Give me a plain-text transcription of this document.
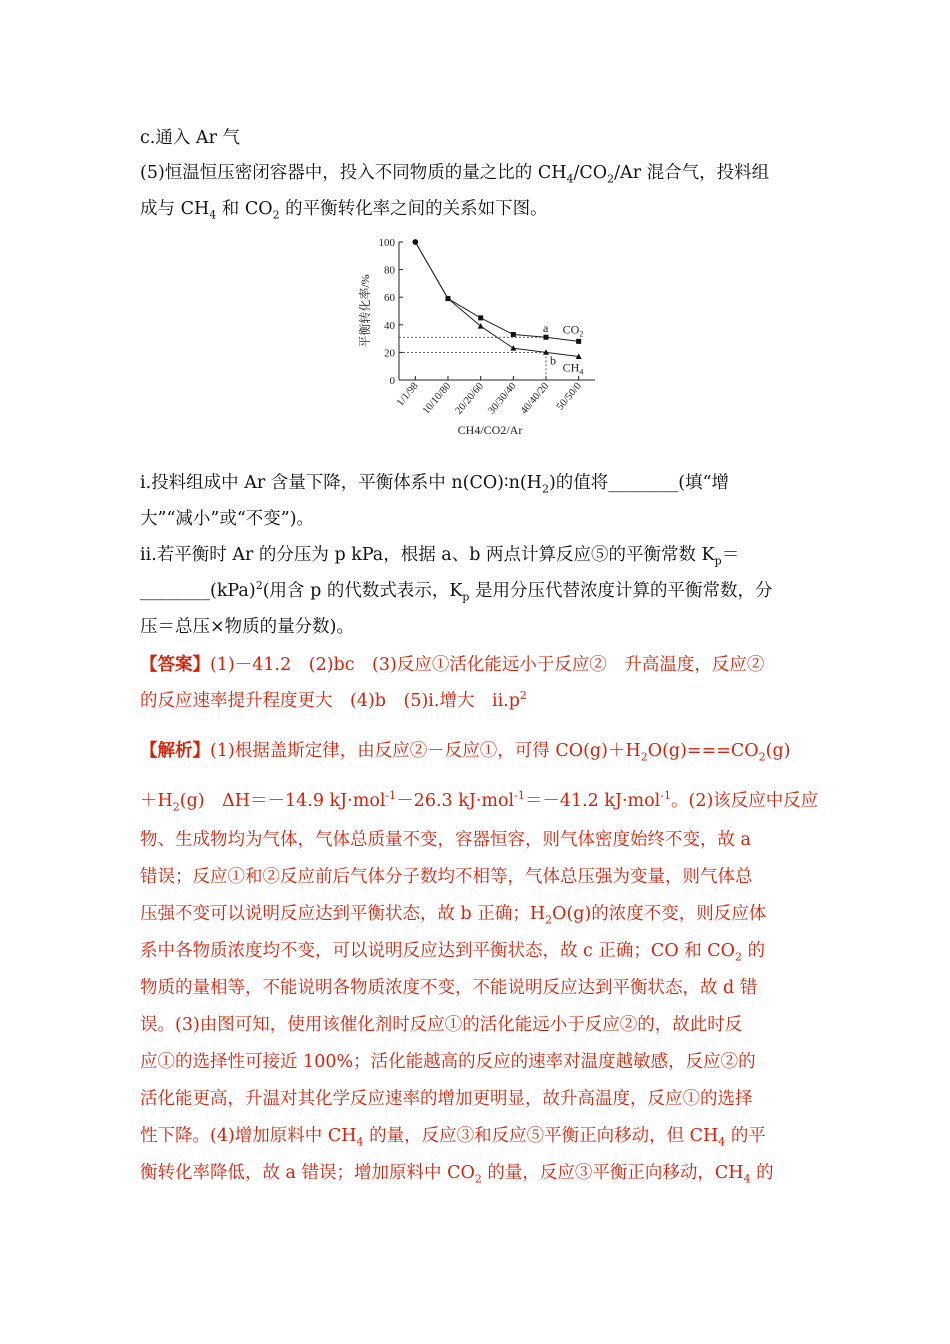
c.通入 Ar 气
(5)恒温恒压密闭容器中，投入不同物质的量之比的 $CH_4/CO_2/Ar$ 混合气，投料组
成与 $CH_4$ 和 $CO_2$ 的平衡转化率之间的关系如下图。
0
20
40
60
80
100
1/1/98 10/10/80 20/20/60 30/30/40 40/40/20 50/50/0
$CO_2$
$CH_4$
a
b
平衡转化率/%
CH4/CO2/Ar
ⅰ.投料组成中 Ar 含量下降，平衡体系中 $n(CO)∶n(H_2)$的值将________(填“增
大”“减小”或“不变”)。
ⅱ.若平衡时 Ar 的分压为 p kPa，根据 a、b 两点计算反应⑤的平衡常数 $K_p=$
________(kPa)$^2$(用含 p 的代数式表示，$K_p$ 是用分压代替浓度计算的平衡常数，分
压＝总压×物质的量分数)。
【答案】(1)－41.2　(2)bc　(3)反应①活化能远小于反应②　升高温度，反应②
的反应速率提升程度更大　(4)b　(5)ⅰ.增大　$ⅱ.p^2$
【解析】(1)根据盖斯定律，由反应②－反应①，可得 $CO(g)+H_2O(g)===CO_2(g)$
$+H_2(g)$　ΔH＝－14.9 kJ·mol$^{-1}$－26.3 kJ·mol$^{-1}$＝－41.2 kJ·mol$^{-1}$。(2)该反应中反应
物、生成物均为气体，气体总质量不变，容器恒容，则气体密度始终不变，故 a
错误；反应①和②反应前后气体分子数均不相等，气体总压强为变量，则气体总
压强不变可以说明反应达到平衡状态，故 b 正确；$H_2O(g)$的浓度不变，则反应体
系中各物质浓度均不变，可以说明反应达到平衡状态，故 c 正确；CO 和 $CO_2$ 的
物质的量相等，不能说明各物质浓度不变，不能说明反应达到平衡状态，故 d 错
误。(3)由图可知，使用该催化剂时反应①的活化能远小于反应②的，故此时反
应①的选择性可接近 100%；活化能越高的反应的速率对温度越敏感，反应②的
活化能更高，升温对其化学反应速率的增加更明显，故升高温度，反应①的选择
性下降。(4)增加原料中 $CH_4$ 的量，反应③和反应⑤平衡正向移动，但 $CH_4$ 的平
衡转化率降低，故 a 错误；增加原料中 $CO_2$ 的量，反应③平衡正向移动，$CH_4$ 的
